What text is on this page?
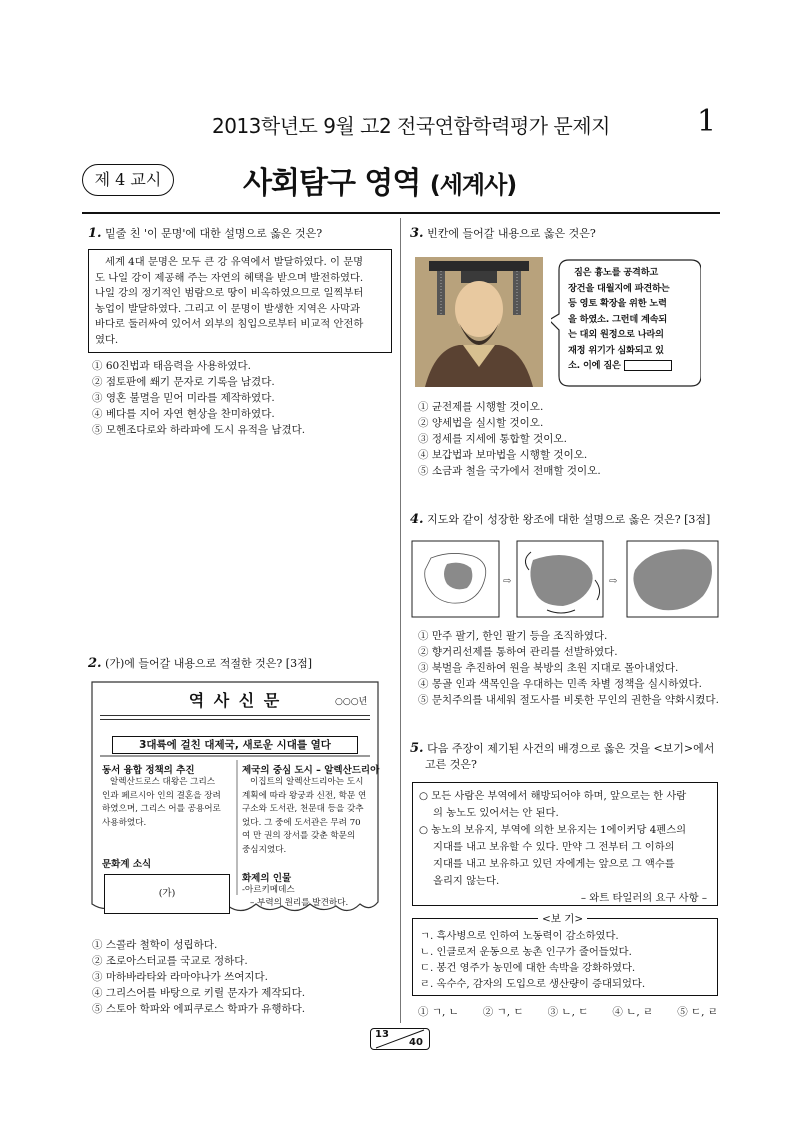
2013학년도 9월 고2 전국연합학력평가 문제지	1
제 4 교시	사회탐구 영역 (세계사)
1. 밑줄 친 '이 문명'에 대한 설명으로 옳은 것은?
세계 4대 문명은 모두 큰 강 유역에서 발달하였다. 이 문명
도 나일 강이 제공해 주는 자연의 혜택을 받으며 발전하였다.
나일 강의 정기적인 범람으로 땅이 비옥하였으므로 일찍부터
농업이 발달하였다. 그리고 이 문명이 발생한 지역은 사막과
바다로 둘러싸여 있어서 외부의 침입으로부터 비교적 안전하
였다.
① 60진법과 태음력을 사용하였다.
② 점토판에 쐐기 문자로 기록을 남겼다.
③ 영혼 불멸을 믿어 미라를 제작하였다.
④ 베다를 지어 자연 현상을 찬미하였다.
⑤ 모헨조다로와 하라파에 도시 유적을 남겼다.
2. (가)에 들어갈 내용으로 적절한 것은? [3점]
역 사 신 문	○○○년
3대륙에 걸친 대제국, 새로운 시대를 열다
동서 융합 정책의 추진
알렉산드로스 대왕은 그리스
인과 페르시아 인의 결혼을 장려
하였으며, 그리스 어를 공용어로
사용하였다.
문화계 소식
(가)
제국의 중심 도시 – 알렉산드리아
이집트의 알렉산드리아는 도시
계획에 따라 왕궁과 신전, 학문 연
구소와 도서관, 천문대 등을 갖추
었다. 그 중에 도서관은 무려 70
여 만 권의 장서를 갖춘 학문의
중심지였다.
화제의 인물
-아르키메데스
– 부력의 원리를 발견하다.
① 스콜라 철학이 성립하다.
② 조로아스터교를 국교로 정하다.
③ 마하바라타와 라마야나가 쓰여지다.
④ 그리스어를 바탕으로 키릴 문자가 제작되다.
⑤ 스토아 학파와 에피쿠로스 학파가 유행하다.
3. 빈칸에 들어갈 내용으로 옳은 것은?
짐은 흉노를 공격하고
장건을 대월지에 파견하는
등 영토 확장을 위한 노력
을 하였소. 그런데 계속되
는 대외 원정으로 나라의
재정 위기가 심화되고 있
소. 이에 짐은
① 균전제를 시행할 것이오.
② 양세법을 실시할 것이오.
③ 정세를 지세에 통합할 것이오.
④ 보갑법과 보마법을 시행할 것이오.
⑤ 소금과 철을 국가에서 전매할 것이오.
4. 지도와 같이 성장한 왕조에 대한 설명으로 옳은 것은? [3점]
⇨	⇨
① 만주 팔기, 한인 팔기 등을 조직하였다.
② 향거리선제를 통하여 관리를 선발하였다.
③ 북벌을 추진하여 원을 북방의 초원 지대로 몰아내었다.
④ 몽골 인과 색목인을 우대하는 민족 차별 정책을 실시하였다.
⑤ 문치주의를 내세워 절도사를 비롯한 무인의 권한을 약화시켰다.
5. 다음 주장이 제기된 사건의 배경으로 옳은 것을 <보기>에서
고른 것은?
○ 모든 사람은 부역에서 해방되어야 하며, 앞으로는 한 사람
의 농노도 있어서는 안 된다.
○ 농노의 보유지, 부역에 의한 보유지는 1에이커당 4펜스의
지대를 내고 보유할 수 있다. 만약 그 전부터 그 이하의
지대를 내고 보유하고 있던 자에게는 앞으로 그 액수를
올리지 않는다.
– 와트 타일러의 요구 사항 –
<보 기>
ㄱ. 흑사병으로 인하여 노동력이 감소하였다.
ㄴ. 인클로저 운동으로 농촌 인구가 줄어들었다.
ㄷ. 봉건 영주가 농민에 대한 속박을 강화하였다.
ㄹ. 옥수수, 감자의 도입으로 생산량이 증대되었다.
① ㄱ, ㄴ ② ㄱ, ㄷ ③ ㄴ, ㄷ ④ ㄴ, ㄹ ⑤ ㄷ, ㄹ
13
40
